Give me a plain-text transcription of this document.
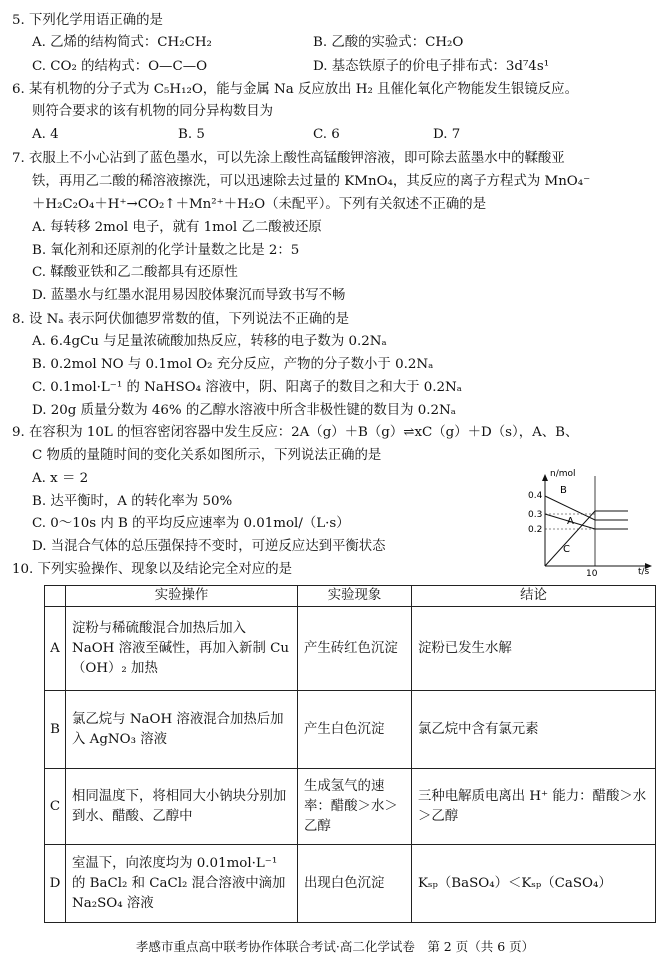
5. 下列化学用语正确的是
A. 乙烯的结构简式：CH₂CH₂	B. 乙酸的实验式：CH₂O
C. CO₂ 的结构式：O—C—O	D. 基态铁原子的价电子排布式：3d⁷4s¹
6. 某有机物的分子式为 C₅H₁₂O，能与金属 Na 反应放出 H₂ 且催化氧化产物能发生银镜反应。
则符合要求的该有机物的同分异构数目为
A. 4	B. 5	C. 6	D. 7
7. 衣服上不小心沾到了蓝色墨水，可以先涂上酸性高锰酸钾溶液，即可除去蓝墨水中的鞣酸亚
铁，再用乙二酸的稀溶液擦洗，可以迅速除去过量的 KMnO₄，其反应的离子方程式为 MnO₄⁻
＋H₂C₂O₄＋H⁺→CO₂↑＋Mn²⁺＋H₂O（未配平）。下列有关叙述不正确的是
A. 每转移 2mol 电子，就有 1mol 乙二酸被还原
B. 氧化剂和还原剂的化学计量数之比是 2：5
C. 鞣酸亚铁和乙二酸都具有还原性
D. 蓝墨水与红墨水混用易因胶体聚沉而导致书写不畅
8. 设 Nₐ 表示阿伏伽德罗常数的值，下列说法不正确的是
A. 6.4gCu 与足量浓硫酸加热反应，转移的电子数为 0.2Nₐ
B. 0.2mol NO 与 0.1mol O₂ 充分反应，产物的分子数小于 0.2Nₐ
C. 0.1mol·L⁻¹ 的 NaHSO₄ 溶液中，阴、阳离子的数目之和大于 0.2Nₐ
D. 20g 质量分数为 46% 的乙醇水溶液中所含非极性键的数目为 0.2Nₐ
9. 在容积为 10L 的恒容密闭容器中发生反应：2A（g）＋B（g）⇌xC（g）＋D（s），A、B、
C 物质的量随时间的变化关系如图所示，下列说法正确的是
A. x ＝ 2
B. 达平衡时，A 的转化率为 50%
C. 0～10s 内 B 的平均反应速率为 0.01mol/（L·s）
D. 当混合气体的总压强保持不变时，可逆反应达到平衡状态
n/mol
t/s
0.4
0.3
0.2
10
B
A
C
10. 下列实验操作、现象以及结论完全对应的是
	实验操作	实验现象	结论
A	淀粉与稀硫酸混合加热后加入 NaOH 溶液至碱性，再加入新制 Cu（OH）₂ 加热	产生砖红色沉淀	淀粉已发生水解
B	氯乙烷与 NaOH 溶液混合加热后加入 AgNO₃ 溶液	产生白色沉淀	氯乙烷中含有氯元素
C	相同温度下，将相同大小钠块分别加到水、醋酸、乙醇中	生成氢气的速率：醋酸＞水＞乙醇	三种电解质电离出 H⁺ 能力：醋酸＞水＞乙醇
D	室温下，向浓度均为 0.01mol·L⁻¹ 的 BaCl₂ 和 CaCl₂ 混合溶液中滴加 Na₂SO₄ 溶液	出现白色沉淀	Kₛₚ（BaSO₄）＜Kₛₚ（CaSO₄）
孝感市重点高中联考协作体联合考试·高二化学试卷　第 2 页（共 6 页）
